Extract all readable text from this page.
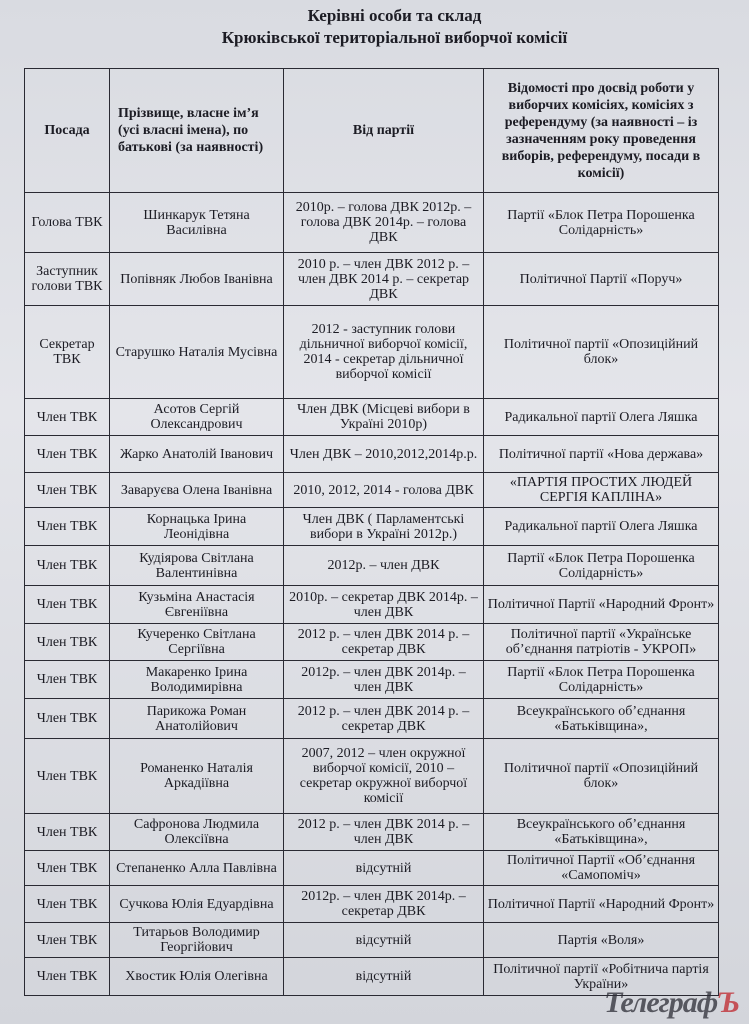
Керівні особи та склад
Крюківської територіальної виборчої комісії
Посада	Прізвище, власне ім’я (усі власні імена), по батькові (за наявності)	Від партії	Відомості про досвід роботи у виборчих комісіях, комісіях з референдуму (за наявності – із зазначенням року проведення виборів, референдуму, посади в комісії)
Голова ТВК	Шинкарук Тетяна Василівна	2010р. – голова ДВК 2012р. – голова ДВК 2014р. – голова ДВК	Партії «Блок Петра Порошенка Солідарність»
Заступник голови ТВК	Попівняк Любов Іванівна	2010 р. – член ДВК 2012 р. – член ДВК 2014 р. – секретар ДВК	Політичної Партії «Поруч»
Секретар ТВК	Старушко Наталія Мусівна	2012 - заступник голови дільничної виборчої комісії, 2014 - секретар дільничної виборчої комісії	Політичної партії «Опозиційний блок»
Член ТВК	Асотов Сергій Олександрович	Член ДВК (Місцеві вибори в Україні 2010р)	Радикальної партії Олега Ляшка
Член ТВК	Жарко Анатолій Іванович	Член ДВК – 2010,2012,2014р.р.	Політичної партії «Нова держава»
Член ТВК	Заваруєва Олена Іванівна	2010, 2012, 2014 - голова ДВК	«ПАРТІЯ ПРОСТИХ ЛЮДЕЙ СЕРГІЯ КАПЛІНА»
Член ТВК	Корнацька Ірина Леонідівна	Член ДВК ( Парламентські вибори в Україні 2012р.)	Радикальної партії Олега Ляшка
Член ТВК	Кудіярова Світлана Валентинівна	2012р. – член ДВК	Партії «Блок Петра Порошенка Солідарність»
Член ТВК	Кузьміна Анастасія Євгеніївна	2010р. – секретар ДВК 2014р. – член ДВК	Політичної Партії «Народний Фронт»
Член ТВК	Кучеренко Світлана Сергіївна	2012 р. – член ДВК 2014 р. – секретар ДВК	Політичної партії «Українське об’єднання патріотів - УКРОП»
Член ТВК	Макаренко Ірина Володимирівна	2012р. – член ДВК 2014р. – член ДВК	Партії «Блок Петра Порошенка Солідарність»
Член ТВК	Парикожа Роман Анатолійович	2012 р. – член ДВК 2014 р. – секретар ДВК	Всеукраїнського об’єднання «Батьківщина»,
Член ТВК	Романенко Наталія Аркадіївна	2007, 2012 – член окружної виборчої комісії, 2010 – секретар окружної виборчої комісії	Політичної партії «Опозиційний блок»
Член ТВК	Сафронова Людмила Олексіївна	2012 р. – член ДВК 2014 р. – член ДВК	Всеукраїнського об’єднання «Батьківщина»,
Член ТВК	Степаненко Алла Павлівна	відсутній	Політичної Партії «Об’єднання «Самопоміч»
Член ТВК	Сучкова Юлія Едуардівна	2012р. – член ДВК 2014р. – секретар ДВК	Політичної Партії «Народний Фронт»
Член ТВК	Титарьов Володимир Георгійович	відсутній	Партія «Воля»
Член ТВК	Хвостик Юлія Олегівна	відсутній	Політичної партії «Робітнича партія України»
ТелеграфЪ
